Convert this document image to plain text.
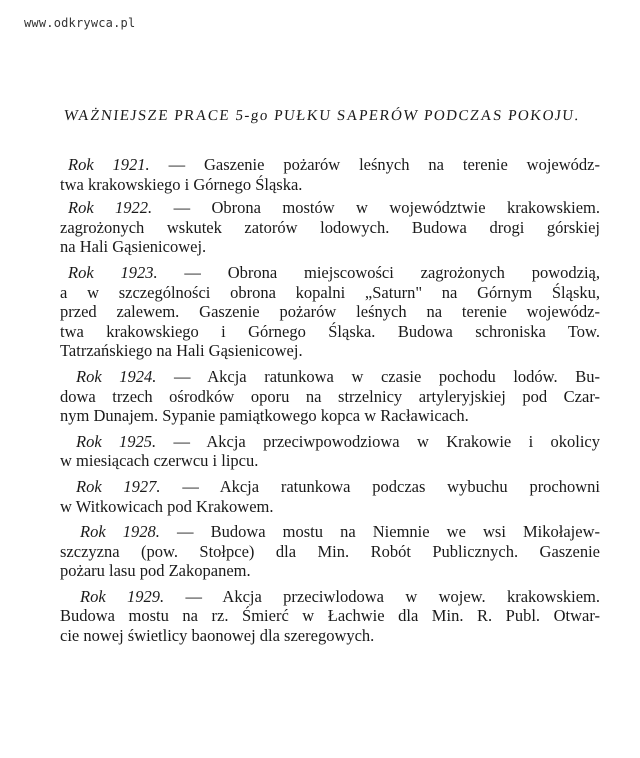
www.odkrywca.pl
WAŻNIEJSZE PRACE 5-go PUŁKU SAPERÓW PODCZAS POKOJU.
Rok 1921. — Gaszenie pożarów leśnych na terenie wojewódz-
twa krakowskiego i Górnego Śląska.
Rok 1922. — Obrona mostów w województwie krakowskiem.
zagrożonych wskutek zatorów lodowych. Budowa drogi górskiej
na Hali Gąsienicowej.
Rok 1923. — Obrona miejscowości zagrożonych powodzią,
a w szczególności obrona kopalni „Saturn" na Górnym Śląsku,
przed zalewem. Gaszenie pożarów leśnych na terenie wojewódz-
twa krakowskiego i Górnego Śląska. Budowa schroniska Tow.
Tatrzańskiego na Hali Gąsienicowej.
Rok 1924. — Akcja ratunkowa w czasie pochodu lodów. Bu-
dowa trzech ośrodków oporu na strzelnicy artyleryjskiej pod Czar-
nym Dunajem. Sypanie pamiątkowego kopca w Racławicach.
Rok 1925. — Akcja przeciwpowodziowa w Krakowie i okolicy
w miesiącach czerwcu i lipcu.
Rok 1927. — Akcja ratunkowa podczas wybuchu prochowni
w Witkowicach pod Krakowem.
Rok 1928. — Budowa mostu na Niemnie we wsi Mikołajew-
szczyzna (pow. Stołpce) dla Min. Robót Publicznych. Gaszenie
pożaru lasu pod Zakopanem.
Rok 1929. — Akcja przeciwlodowa w wojew. krakowskiem.
Budowa mostu na rz. Śmierć w Łachwie dla Min. R. Publ. Otwar-
cie nowej świetlicy baonowej dla szeregowych.
